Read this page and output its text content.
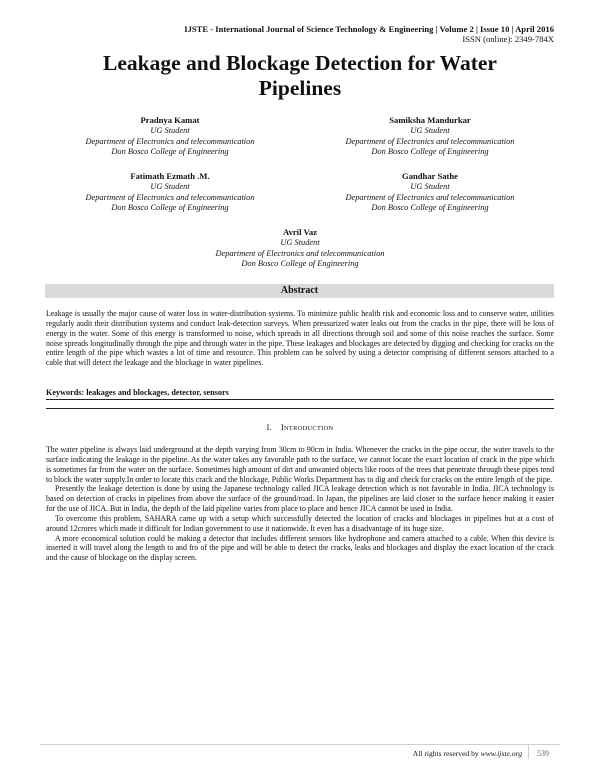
IJSTE - International Journal of Science Technology & Engineering | Volume 2 | Issue 10 | April 2016
ISSN (online): 2349-784X
Leakage and Blockage Detection for Water
Pipelines
Pradnya Kamat
UG Student
Department of Electronics and telecommunication
Don Bosco College of Engineering
Samiksha Mandurkar
UG Student
Department of Electronics and telecommunication
Don Bosco College of Engineering
Fatimath Ezmath .M.
UG Student
Department of Electronics and telecommunication
Don Bosco College of Engineering
Gandhar Sathe
UG Student
Department of Electronics and telecommunication
Don Bosco College of Engineering
Avril Vaz
UG Student
Department of Electronics and telecommunication
Don Bosco College of Engineering
Abstract
Leakage is usually the major cause of water loss in water-distribution systems. To minimize public health risk and economic loss and to conserve water, utilities regularly audit their distribution systems and conduct leak-detection surveys. When pressurized water leaks out from the cracks in the pipe, there will be loss of energy in the water. Some of this energy is transformed to noise, which spreads in all directions through soil and some of this noise reaches the surface. Some noise spreads longitudinally through the pipe and through water in the pipe. These leakages and blockages are detected by digging and checking for cracks on the entire length of the pipe which wastes a lot of time and resource. This problem can be solved by using a detector comprising of different sensors attached to a cable that will detect the leakage and the blockage in water pipelines.
Keywords: leakages and blockages, detector, sensors
I. INTRODUCTION

The water pipeline is always laid underground at the depth varying from 30cm to 90cm in India. Whenever the cracks in the pipe occur, the water travels to the surface indicating the leakage in the pipeline. As the water takes any favorable path to the surface, we cannot locate the exact location of crack in the pipe which is sometimes far from the water on the surface. Sometimes high amount of dirt and unwanted objects like roots of the trees that penetrate through these pipes tend to block the water supply.In order to locate this crack and the blockage, Public Works Department has to dig and check for cracks on the entire length of the pipe.

Presently the leakage detection is done by using the Japanese technology called JICA leakage detection which is not favorable in India. JICA technology is based on detection of cracks in pipelines from above the surface of the ground/road. In Japan, the pipelines are laid closer to the surface hence making it easier for the use of JICA. But in India, the depth of the laid pipeline varies from place to place and hence JICA cannot be used in India.

To overcome this problem, SAHARA came up with a setup which successfully detected the location of cracks and blockages in pipelines but at a cost of around 12crores which made it difficult for Indian government to use it nationwide. It even has a disadvantage of its huge size.

A more economical solution could be making a detector that includes different sensors like hydrophone and camera attached to a cable. When this device is inserted it will travel along the length to and fro of the pipe and will be able to detect the cracks, leaks and blockages and display the exact location of the crack and the cause of blockage on the display screen.

All rights reserved by www.ijste.org	539
